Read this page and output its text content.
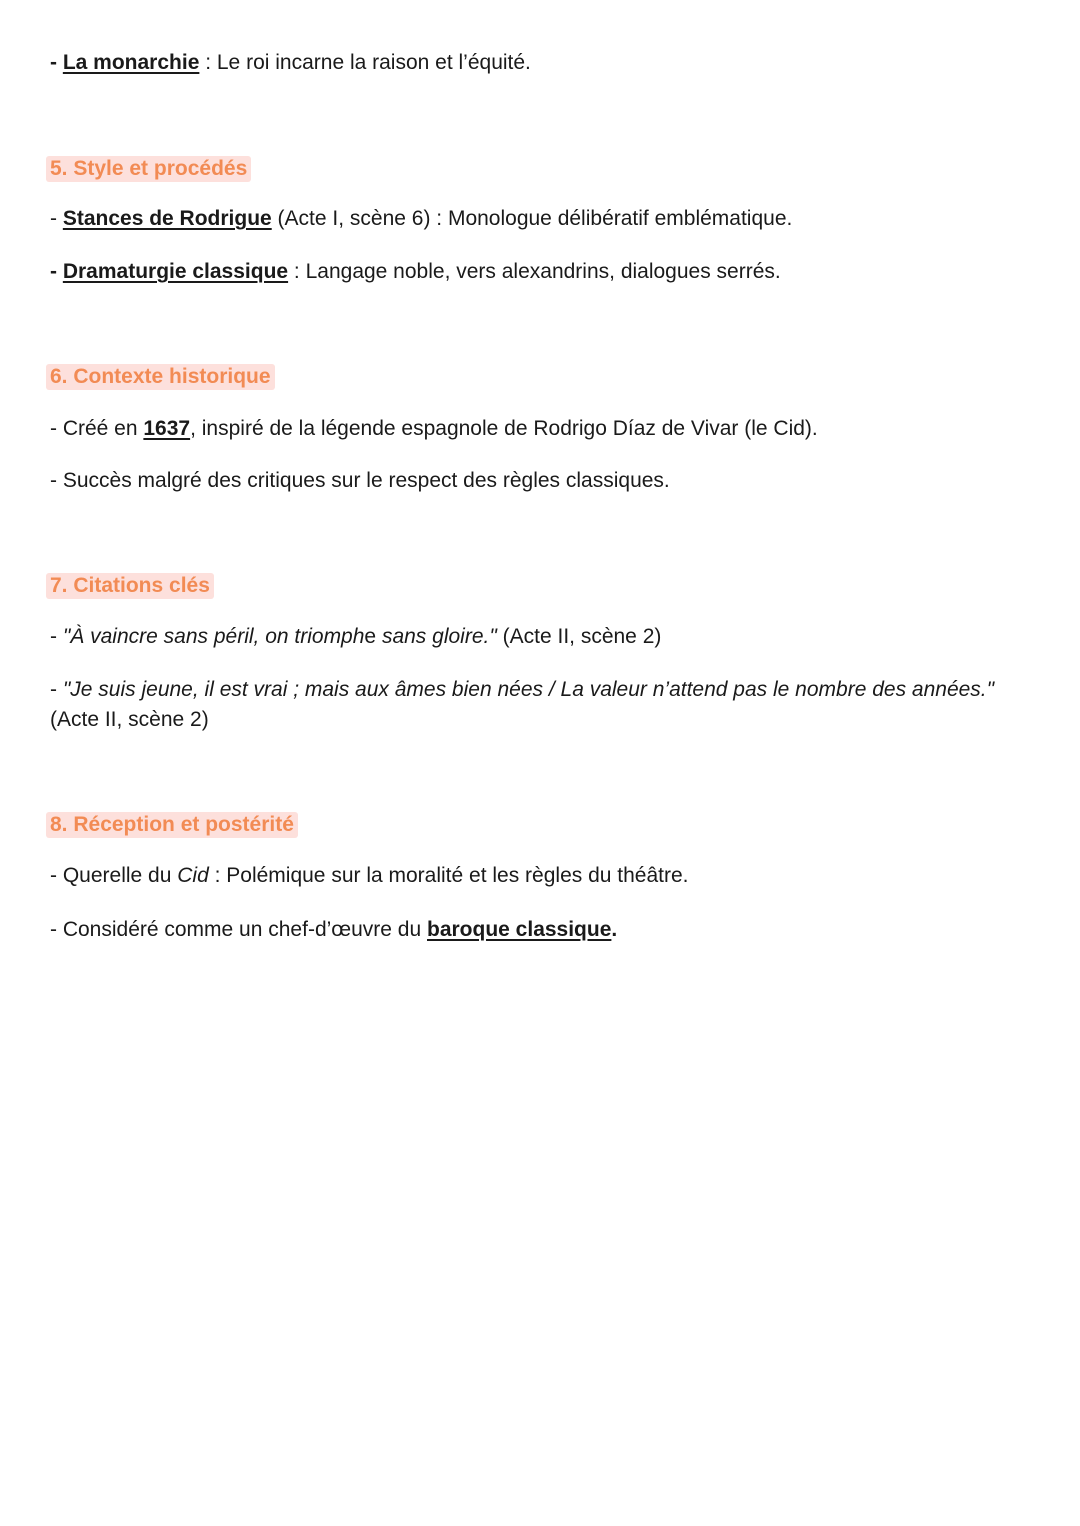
- La monarchie : Le roi incarne la raison et l’équité.
5. Style et procédés
- Stances de Rodrigue (Acte I, scène 6) : Monologue délibératif emblématique.
- Dramaturgie classique : Langage noble, vers alexandrins, dialogues serrés.
6. Contexte historique
- Créé en 1637, inspiré de la légende espagnole de Rodrigo Díaz de Vivar (le Cid).
- Succès malgré des critiques sur le respect des règles classiques.
7. Citations clés
- "À vaincre sans péril, on triomphe sans gloire." (Acte II, scène 2)
- "Je suis jeune, il est vrai ; mais aux âmes bien nées / La valeur n’attend pas le nombre des années." (Acte II, scène 2)
8. Réception et postérité
- Querelle du Cid : Polémique sur la moralité et les règles du théâtre.
- Considéré comme un chef-d’œuvre du baroque classique.
